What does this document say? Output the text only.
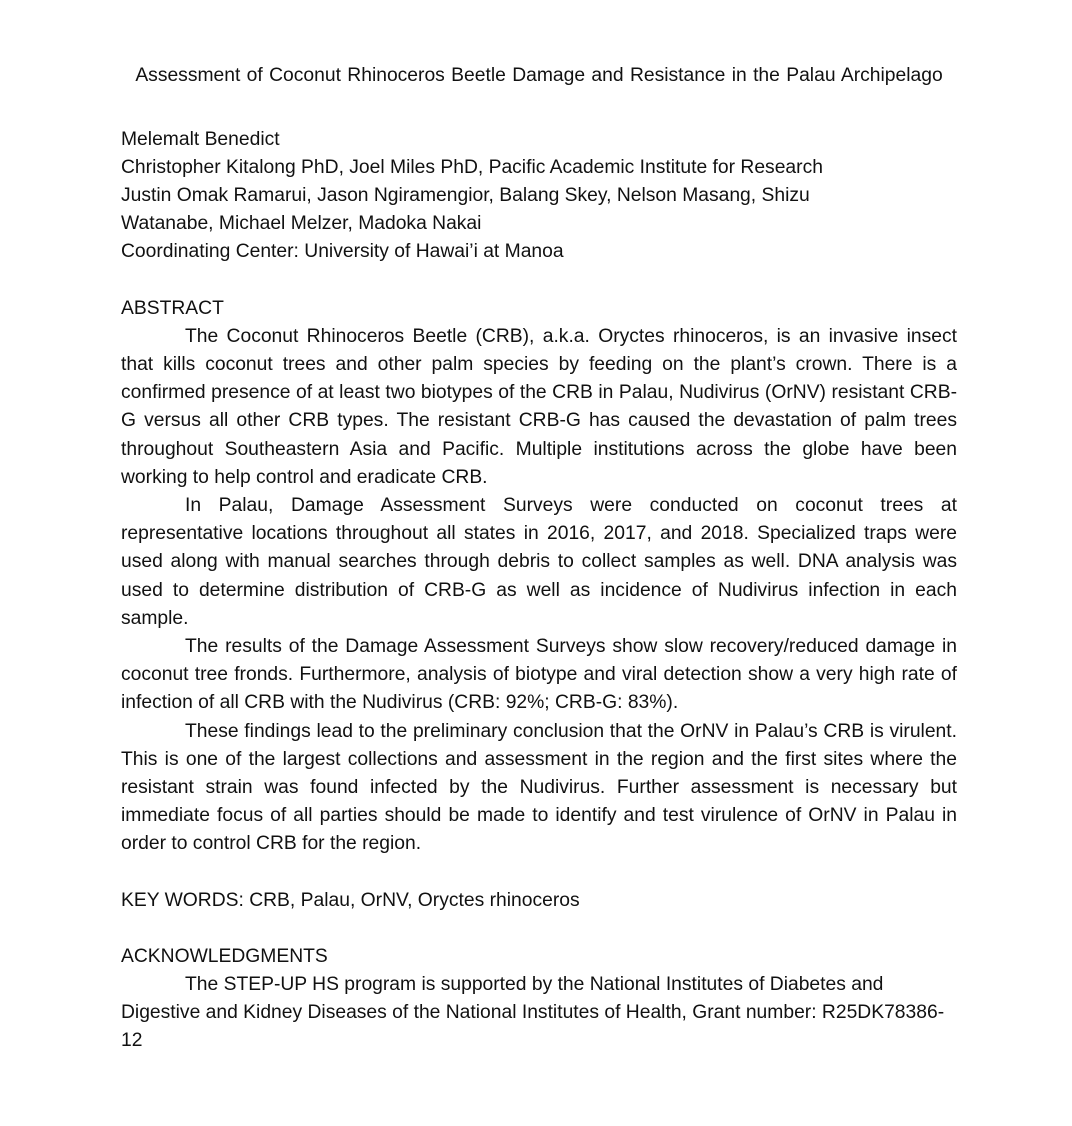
Assessment of Coconut Rhinoceros Beetle Damage and Resistance in the Palau Archipelago
Melemalt Benedict
Christopher Kitalong PhD, Joel Miles PhD, Pacific Academic Institute for Research
Justin Omak Ramarui, Jason Ngiramengior, Balang Skey, Nelson Masang, Shizu
Watanabe, Michael Melzer, Madoka Nakai
Coordinating Center: University of Hawai’i at Manoa
ABSTRACT

The Coconut Rhinoceros Beetle (CRB), a.k.a. Oryctes rhinoceros, is an invasive insect that kills coconut trees and other palm species by feeding on the plant’s crown. There is a confirmed presence of at least two biotypes of the CRB in Palau, Nudivirus (OrNV) resistant CRB-G versus all other CRB types. The resistant CRB-G has caused the devastation of palm trees throughout Southeastern Asia and Pacific. Multiple institutions across the globe have been working to help control and eradicate CRB.

In Palau, Damage Assessment Surveys were conducted on coconut trees at representative locations throughout all states in 2016, 2017, and 2018. Specialized traps were used along with manual searches through debris to collect samples as well. DNA analysis was used to determine distribution of CRB-G as well as incidence of Nudivirus infection in each sample.

The results of the Damage Assessment Surveys show slow recovery/reduced damage in coconut tree fronds. Furthermore, analysis of biotype and viral detection show a very high rate of infection of all CRB with the Nudivirus (CRB: 92%; CRB-G: 83%).

These findings lead to the preliminary conclusion that the OrNV in Palau’s CRB is virulent. This is one of the largest collections and assessment in the region and the first sites where the resistant strain was found infected by the Nudivirus. Further assessment is necessary but immediate focus of all parties should be made to identify and test virulence of OrNV in Palau in order to control CRB for the region.

KEY WORDS: CRB, Palau, OrNV, Oryctes rhinoceros
ACKNOWLEDGMENTS

The STEP-UP HS program is supported by the National Institutes of Diabetes and Digestive and Kidney Diseases of the National Institutes of Health, Grant number: R25DK78386-12
